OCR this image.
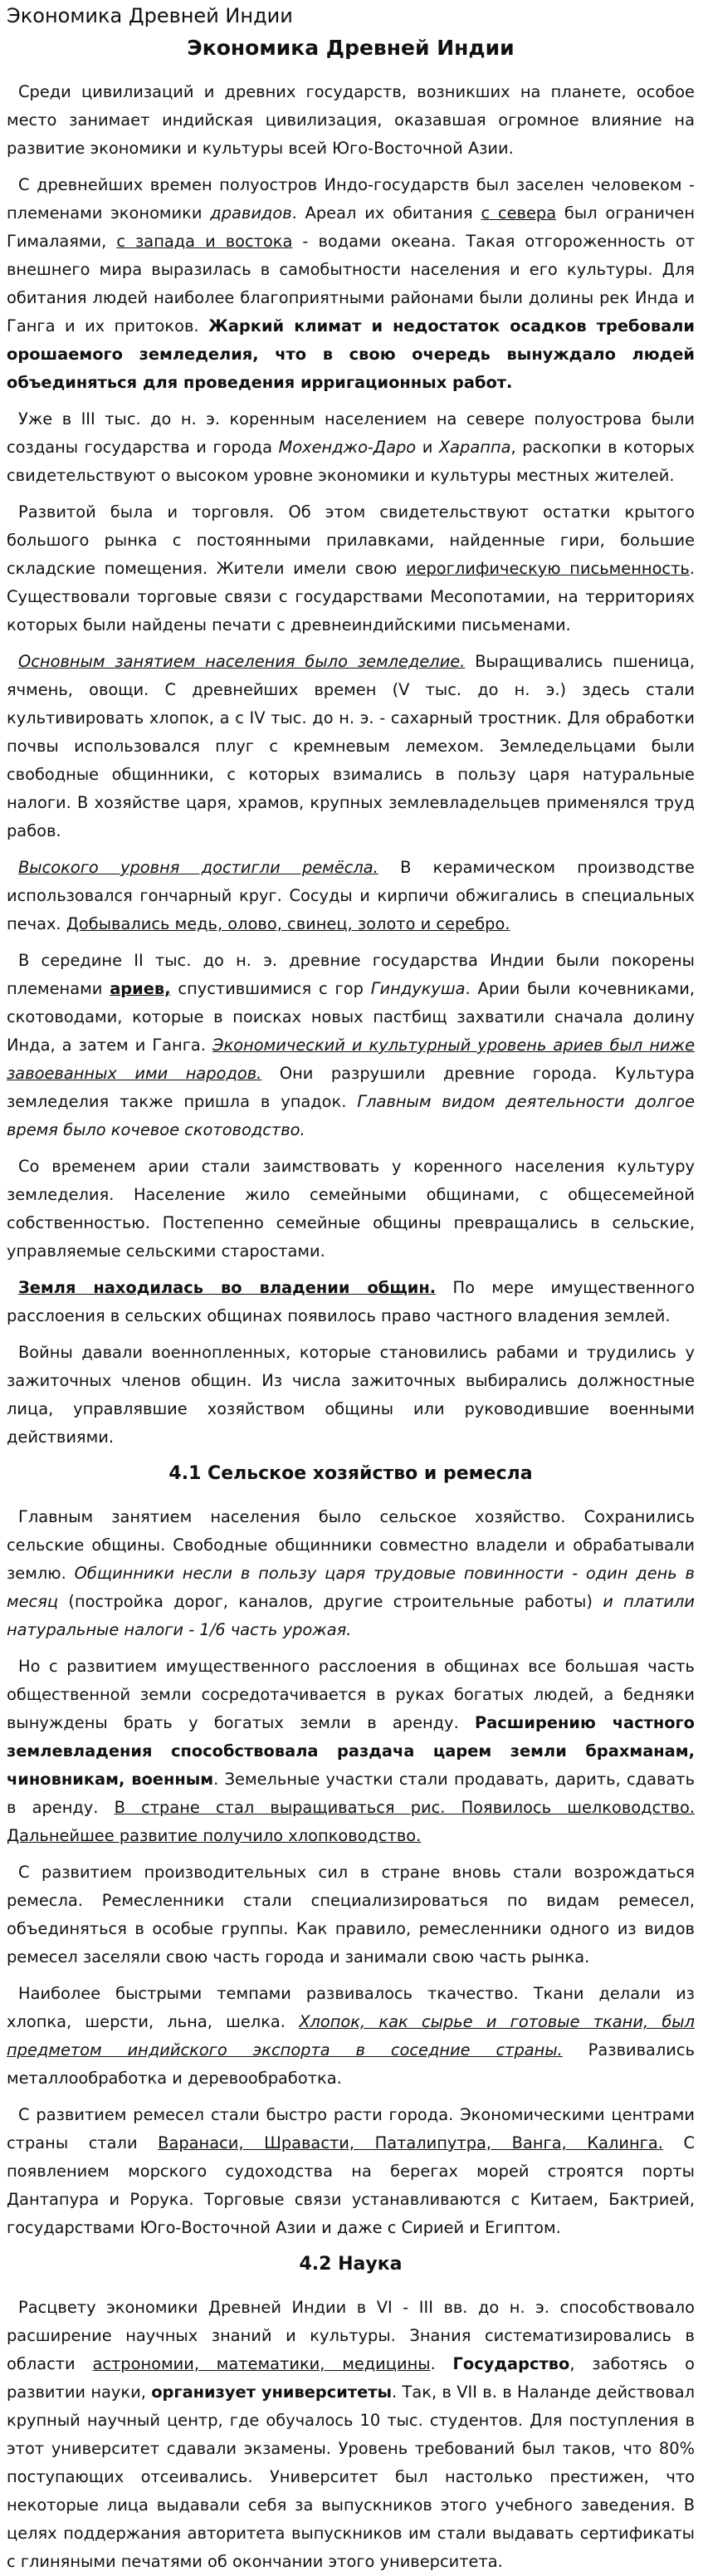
Экономика Древней Индии
Экономика Древней Индии

Среди цивилизаций и древних государств, возникших на планете, особое место занимает индийская цивилизация, оказавшая огромное влияние на развитие экономики и культуры всей Юго-Восточной Азии.

С древнейших времен полуостров Индо-государств был заселен человеком - племенами экономики дравидов. Ареал их обитания с севера был ограничен Гималаями, с запада и востока - водами океана. Такая отгороженность от внешнего мира выразилась в самобытности населения и его культуры. Для обитания людей наиболее благоприятными районами были долины рек Инда и Ганга и их притоков. Жаркий климат и недостаток осадков требовали орошаемого земледелия, что в свою очередь вынуждало людей объединяться для проведения ирригационных работ.

Уже в III тыс. до н. э. коренным населением на севере полуострова были созданы государства и города Мохенджо-Даро и Хараппа, раскопки в которых свидетельствуют о высоком уровне экономики и культуры местных жителей.

Развитой была и торговля. Об этом свидетельствуют остатки крытого большого рынка с постоянными прилавками, найденные гири, большие складские помещения. Жители имели свою иероглифическую письменность. Существовали торговые связи с государствами Месопотамии, на территориях которых были найдены печати с древнеиндийскими письменами.

Основным занятием населения было земледелие. Выращивались пшеница, ячмень, овощи. С древнейших времен (V тыс. до н. э.) здесь стали культивировать хлопок, а с IV тыс. до н. э. - сахарный тростник. Для обработки почвы использовался плуг с кремневым лемехом. Земледельцами были свободные общинники, с которых взимались в пользу царя натуральные налоги. В хозяйстве царя, храмов, крупных землевладельцев применялся труд рабов.

Высокого уровня достигли ремёсла. В керамическом производстве использовался гончарный круг. Сосуды и кирпичи обжигались в специальных печах. Добывались медь, олово, свинец, золото и серебро.

В середине II тыс. до н. э. древние государства Индии были покорены племенами ариев, спустившимися с гор Гиндукуша. Арии были кочевниками, скотоводами, которые в поисках новых пастбищ захватили сначала долину Инда, а затем и Ганга. Экономический и культурный уровень ариев был ниже завоеванных ими народов. Они разрушили древние города. Культура земледелия также пришла в упадок. Главным видом деятельности долгое время было кочевое скотоводство.

Со временем арии стали заимствовать у коренного населения культуру земледелия. Население жило семейными общинами, с общесемейной собственностью. Постепенно семейные общины превращались в сельские, управляемые сельскими старостами.

Земля находилась во владении общин. По мере имущественного расслоения в сельских общинах появилось право частного владения землей.

Войны давали военнопленных, которые становились рабами и трудились у зажиточных членов общин. Из числа зажиточных выбирались должностные лица, управлявшие хозяйством общины или руководившие военными действиями.

4.1 Сельское хозяйство и ремесла

Главным занятием населения было сельское хозяйство. Сохранились сельские общины. Свободные общинники совместно владели и обрабатывали землю. Общинники несли в пользу царя трудовые повинности - один день в месяц (постройка дорог, каналов, другие строительные работы) и платили натуральные налоги - 1/6 часть урожая.

Но с развитием имущественного расслоения в общинах все большая часть общественной земли сосредотачивается в руках богатых людей, а бедняки вынуждены брать у богатых земли в аренду. Расширению частного землевладения способствовала раздача царем земли брахманам, чиновникам, военным. Земельные участки стали продавать, дарить, сдавать в аренду. В стране стал выращиваться рис. Появилось шелководство. Дальнейшее развитие получило хлопководство.

С развитием производительных сил в стране вновь стали возрождаться ремесла. Ремесленники стали специализироваться по видам ремесел, объединяться в особые группы. Как правило, ремесленники одного из видов ремесел заселяли свою часть города и занимали свою часть рынка.

Наиболее быстрыми темпами развивалось ткачество. Ткани делали из хлопка, шерсти, льна, шелка. Хлопок, как сырье и готовые ткани, был предметом индийского экспорта в соседние страны. Развивались металлообработка и деревообработка.

С развитием ремесел стали быстро расти города. Экономическими центрами страны стали Варанаси, Шравасти, Паталипутра, Ванга, Калинга. С появлением морского судоходства на берегах морей строятся порты Дантапура и Рорука. Торговые связи устанавливаются с Китаем, Бактрией, государствами Юго-Восточной Азии и даже с Сирией и Египтом.

4.2 Наука

Расцвету экономики Древней Индии в VI - III вв. до н. э. способствовало расширение научных знаний и культуры. Знания систематизировались в области астрономии, математики, медицины. Государство, заботясь о развитии науки, организует университеты. Так, в VII в. в Наланде действовал крупный научный центр, где обучалось 10 тыс. студентов. Для поступления в этот университет сдавали экзамены. Уровень требований был таков, что 80% поступающих отсеивались. Университет был настолько престижен, что некоторые лица выдавали себя за выпускников этого учебного заведения. В целях поддержания авторитета выпускников им стали выдавать сертификаты с глиняными печатями об окончании этого университета.
